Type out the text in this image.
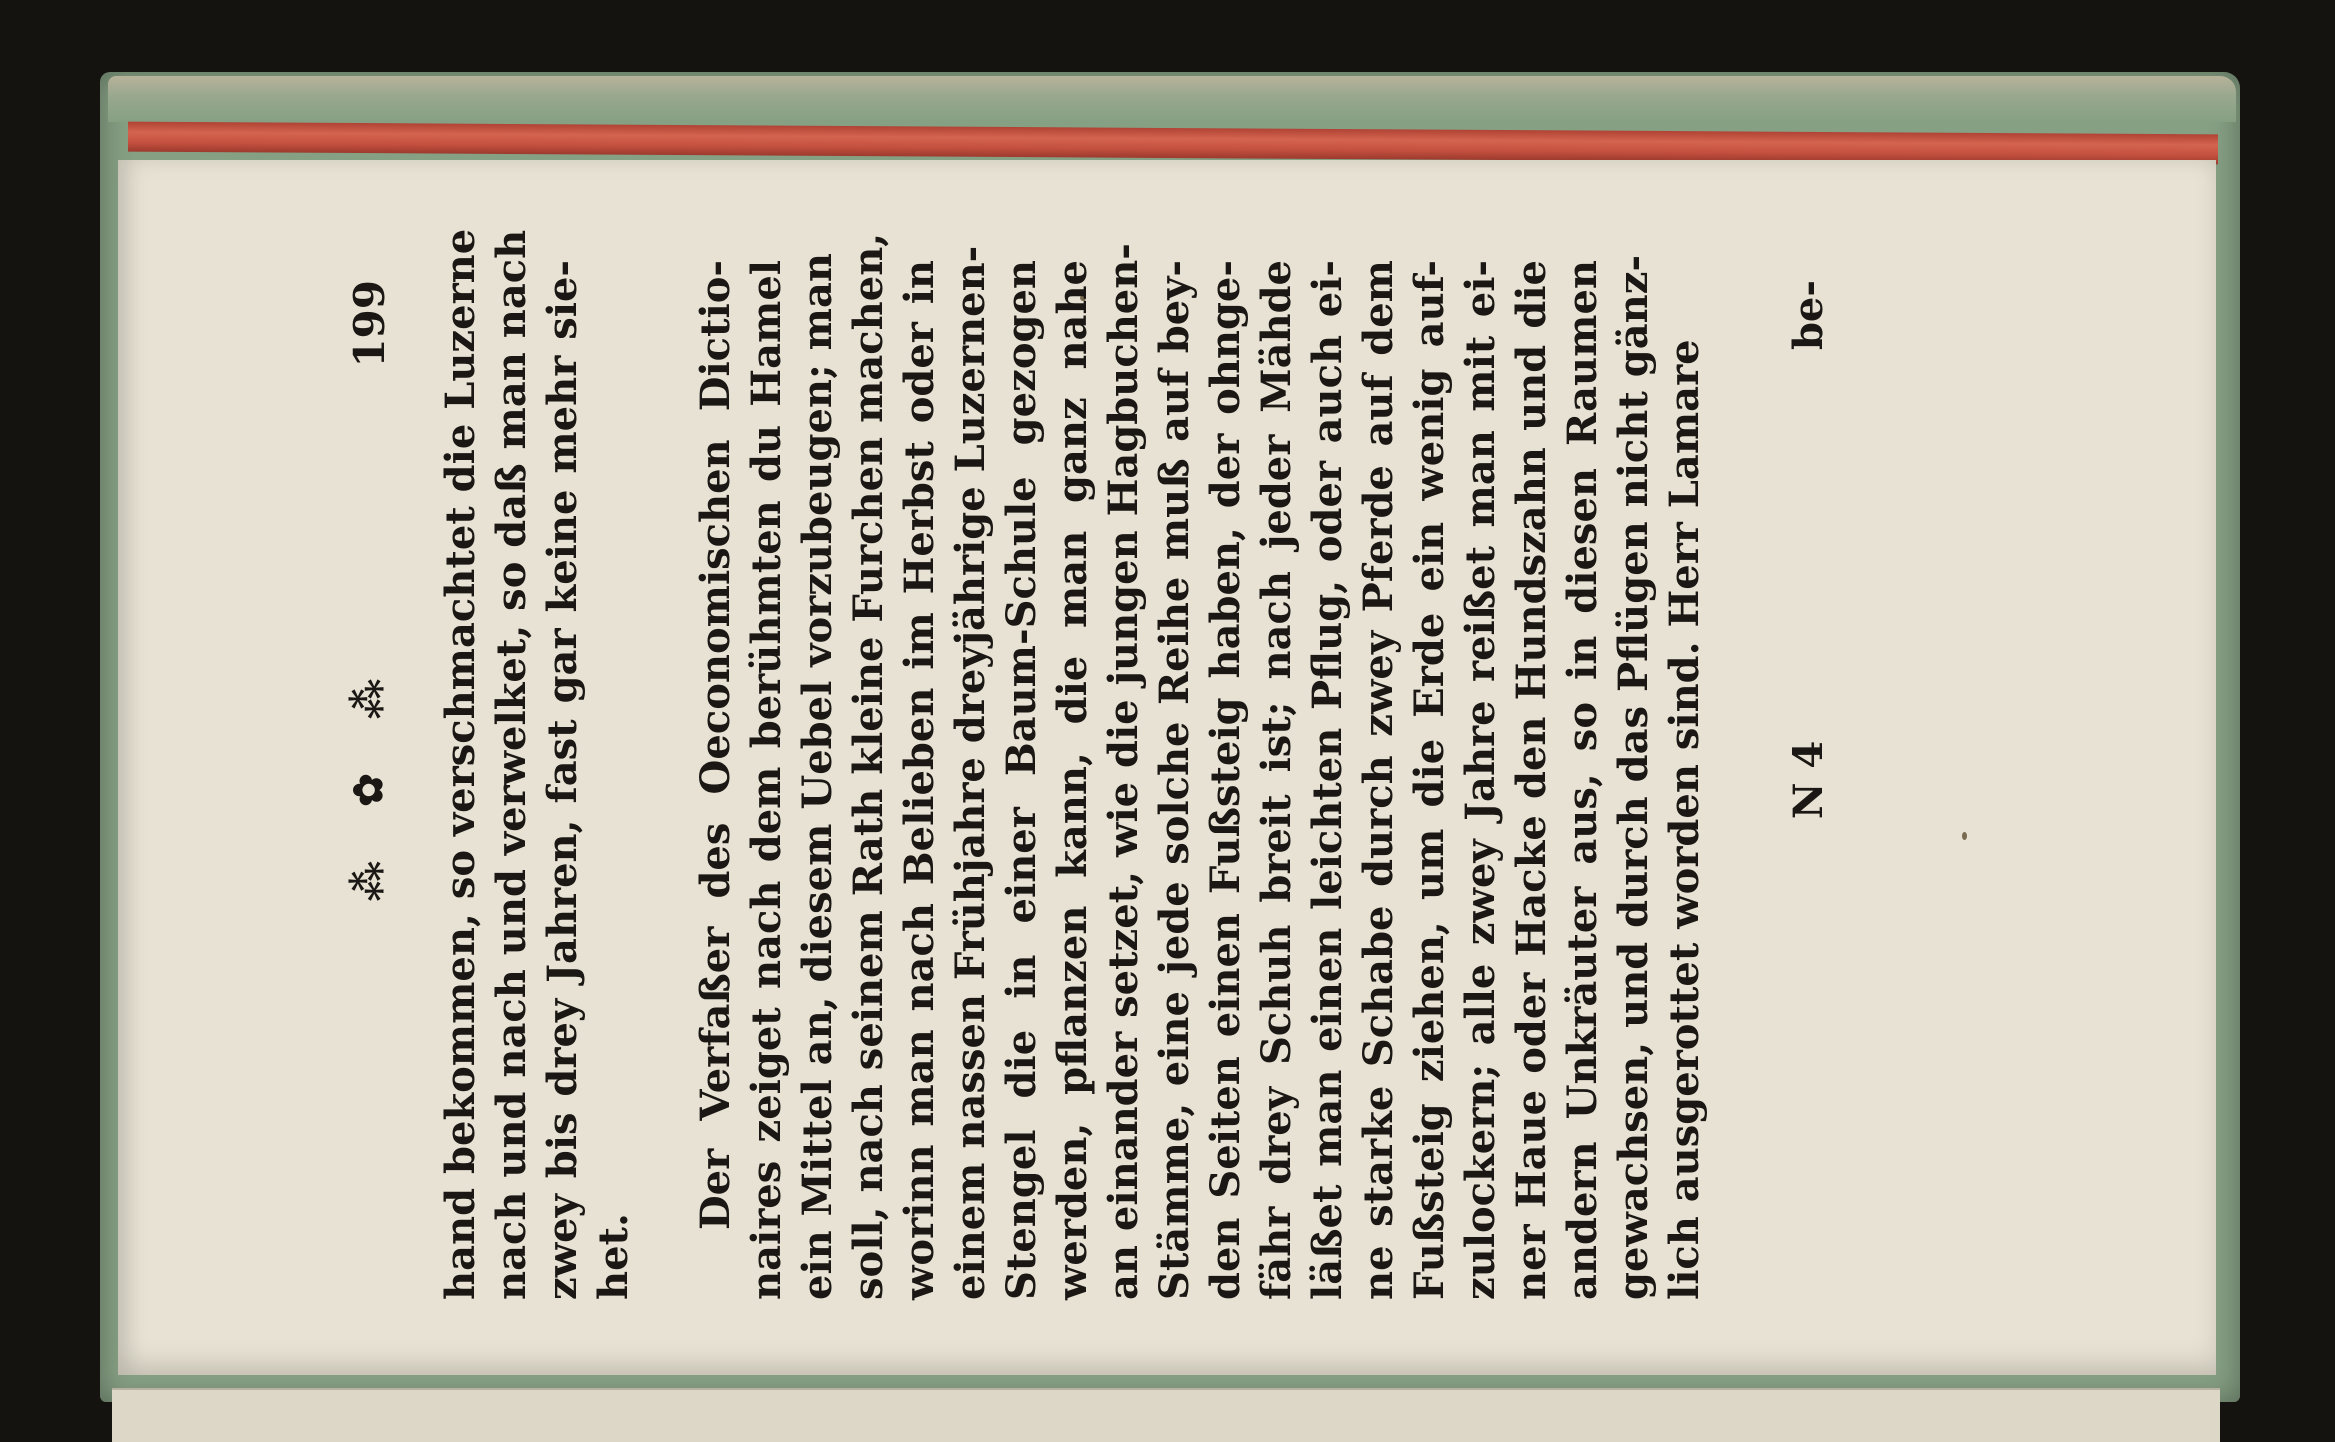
⁂ ✿ ⁂
199 hand bekommen, so verschmachtet die Luzerne nach und nach und verwelket, so daß man nach zwey bis drey Jahren, fast gar keine mehr sie- het.
Der Verfaßer des Oeconomischen Dictio- naires zeiget nach dem berühmten du Hamel ein Mittel an, diesem Uebel vorzubeugen; man soll, nach seinem Rath kleine Furchen machen, worinn man nach Belieben im Herbst oder in einem nassen Frühjahre dreyjährige Luzernen- Stengel die in einer Baum-Schule gezogen werden, pflanzen kann, die man ganz nahe an einander setzet, wie die jungen Hagbuchen- Stämme, eine jede solche Reihe muß auf bey- den Seiten einen Fußsteig haben, der ohnge- fähr drey Schuh breit ist; nach jeder Mähde läßet man einen leichten Pflug, oder auch ei- ne starke Schabe durch zwey Pferde auf dem Fußsteig ziehen, um die Erde ein wenig auf- zulockern; alle zwey Jahre reißet man mit ei- ner Haue oder Hacke den Hundszahn und die andern Unkräuter aus, so in diesen Raumen gewachsen, und durch das Pflügen nicht gänz- lich ausgerottet worden sind. Herr Lamare N 4
be-
